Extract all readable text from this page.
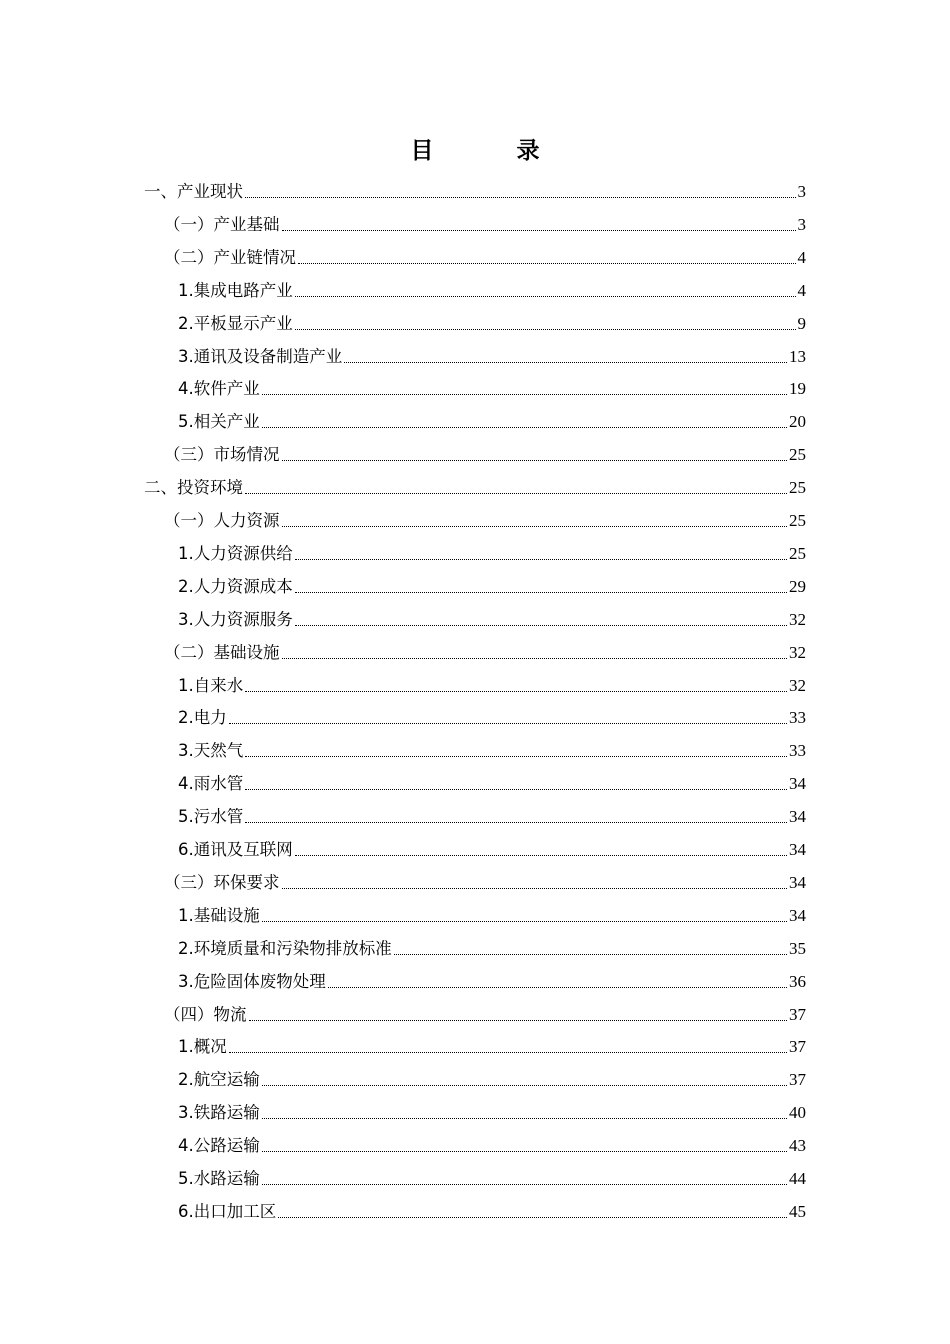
目　录
一、产业现状	3
（一）产业基础	3
（二）产业链情况	4
1.集成电路产业	4
2.平板显示产业	9
3.通讯及设备制造产业	13
4.软件产业	19
5.相关产业	20
（三）市场情况	25
二、投资环境	25
（一）人力资源	25
1.人力资源供给	25
2.人力资源成本	29
3.人力资源服务	32
（二）基础设施	32
1.自来水	32
2.电力	33
3.天然气	33
4.雨水管	34
5.污水管	34
6.通讯及互联网	34
（三）环保要求	34
1.基础设施	34
2.环境质量和污染物排放标准	35
3.危险固体废物处理	36
（四）物流	37
1.概况	37
2.航空运输	37
3.铁路运输	40
4.公路运输	43
5.水路运输	44
6.出口加工区	45
